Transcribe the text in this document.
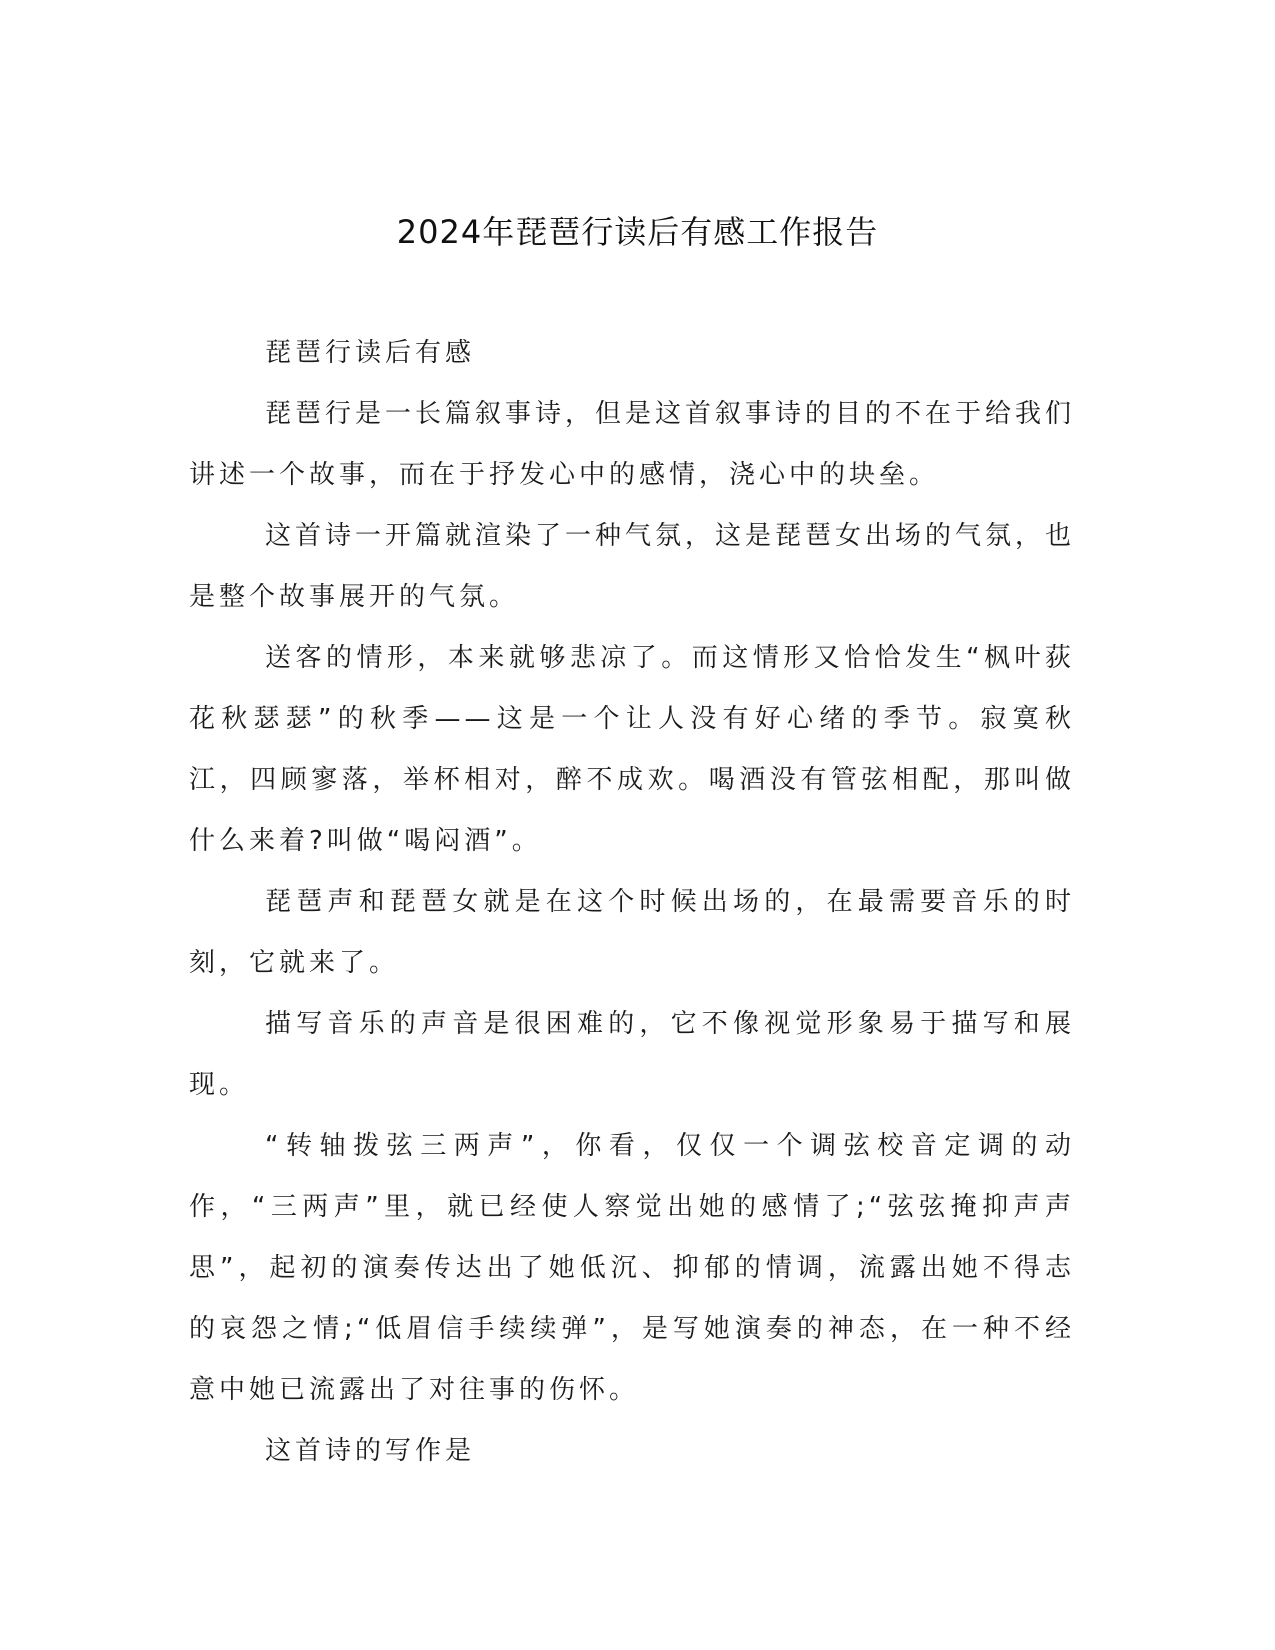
2024年琵琶行读后有感工作报告

琵琶行读后有感

琵琶行是一长篇叙事诗，但是这首叙事诗的目的不在于给我们讲述一个故事，而在于抒发心中的感情，浇心中的块垒。

这首诗一开篇就渲染了一种气氛，这是琵琶女出场的气氛，也是整个故事展开的气氛。

送客的情形，本来就够悲凉了。而这情形又恰恰发生“枫叶荻花秋瑟瑟”的秋季——这是一个让人没有好心绪的季节。寂寞秋江，四顾寥落，举杯相对，醉不成欢。喝酒没有管弦相配，那叫做什么来着?叫做“喝闷酒”。

琵琶声和琵琶女就是在这个时候出场的，在最需要音乐的时刻，它就来了。

描写音乐的声音是很困难的，它不像视觉形象易于描写和展现。

“转轴拨弦三两声”，你看，仅仅一个调弦校音定调的动作，“三两声”里，就已经使人察觉出她的感情了;“弦弦掩抑声声思”，起初的演奏传达出了她低沉、抑郁的情调，流露出她不得志的哀怨之情;“低眉信手续续弹”，是写她演奏的神态，在一种不经意中她已流露出了对往事的伤怀。

这首诗的写作是
